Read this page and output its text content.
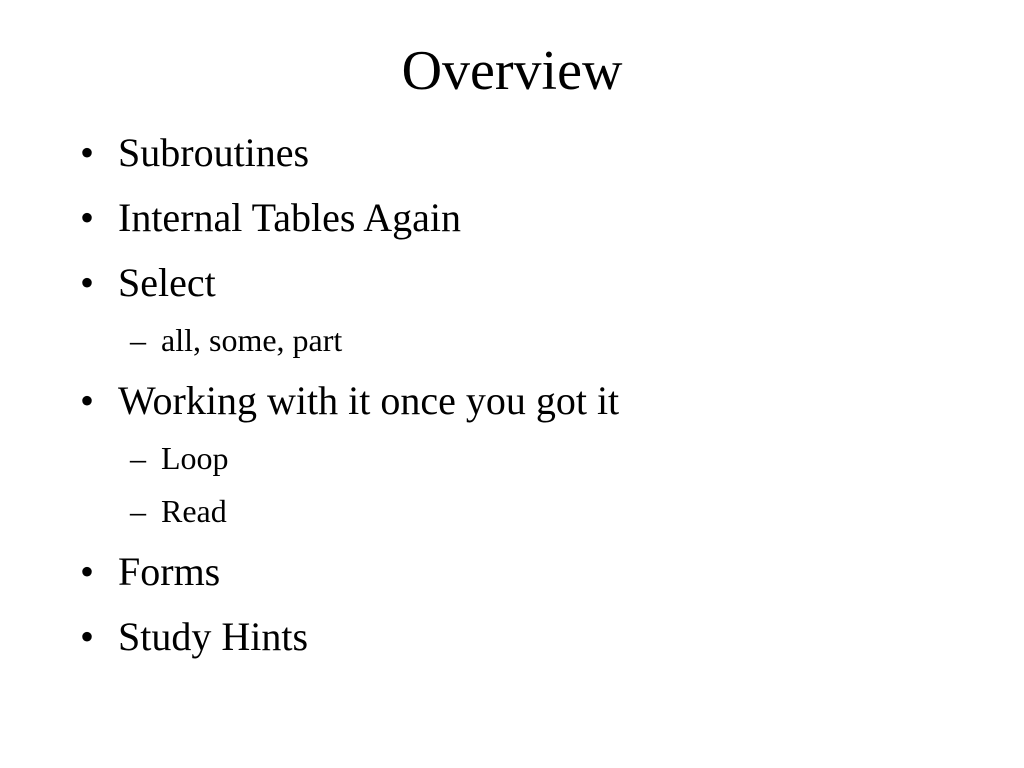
Overview
• Subroutines
• Internal Tables Again
• Select
– all, some, part
• Working with it once you got it
– Loop
– Read
• Forms
• Study Hints
